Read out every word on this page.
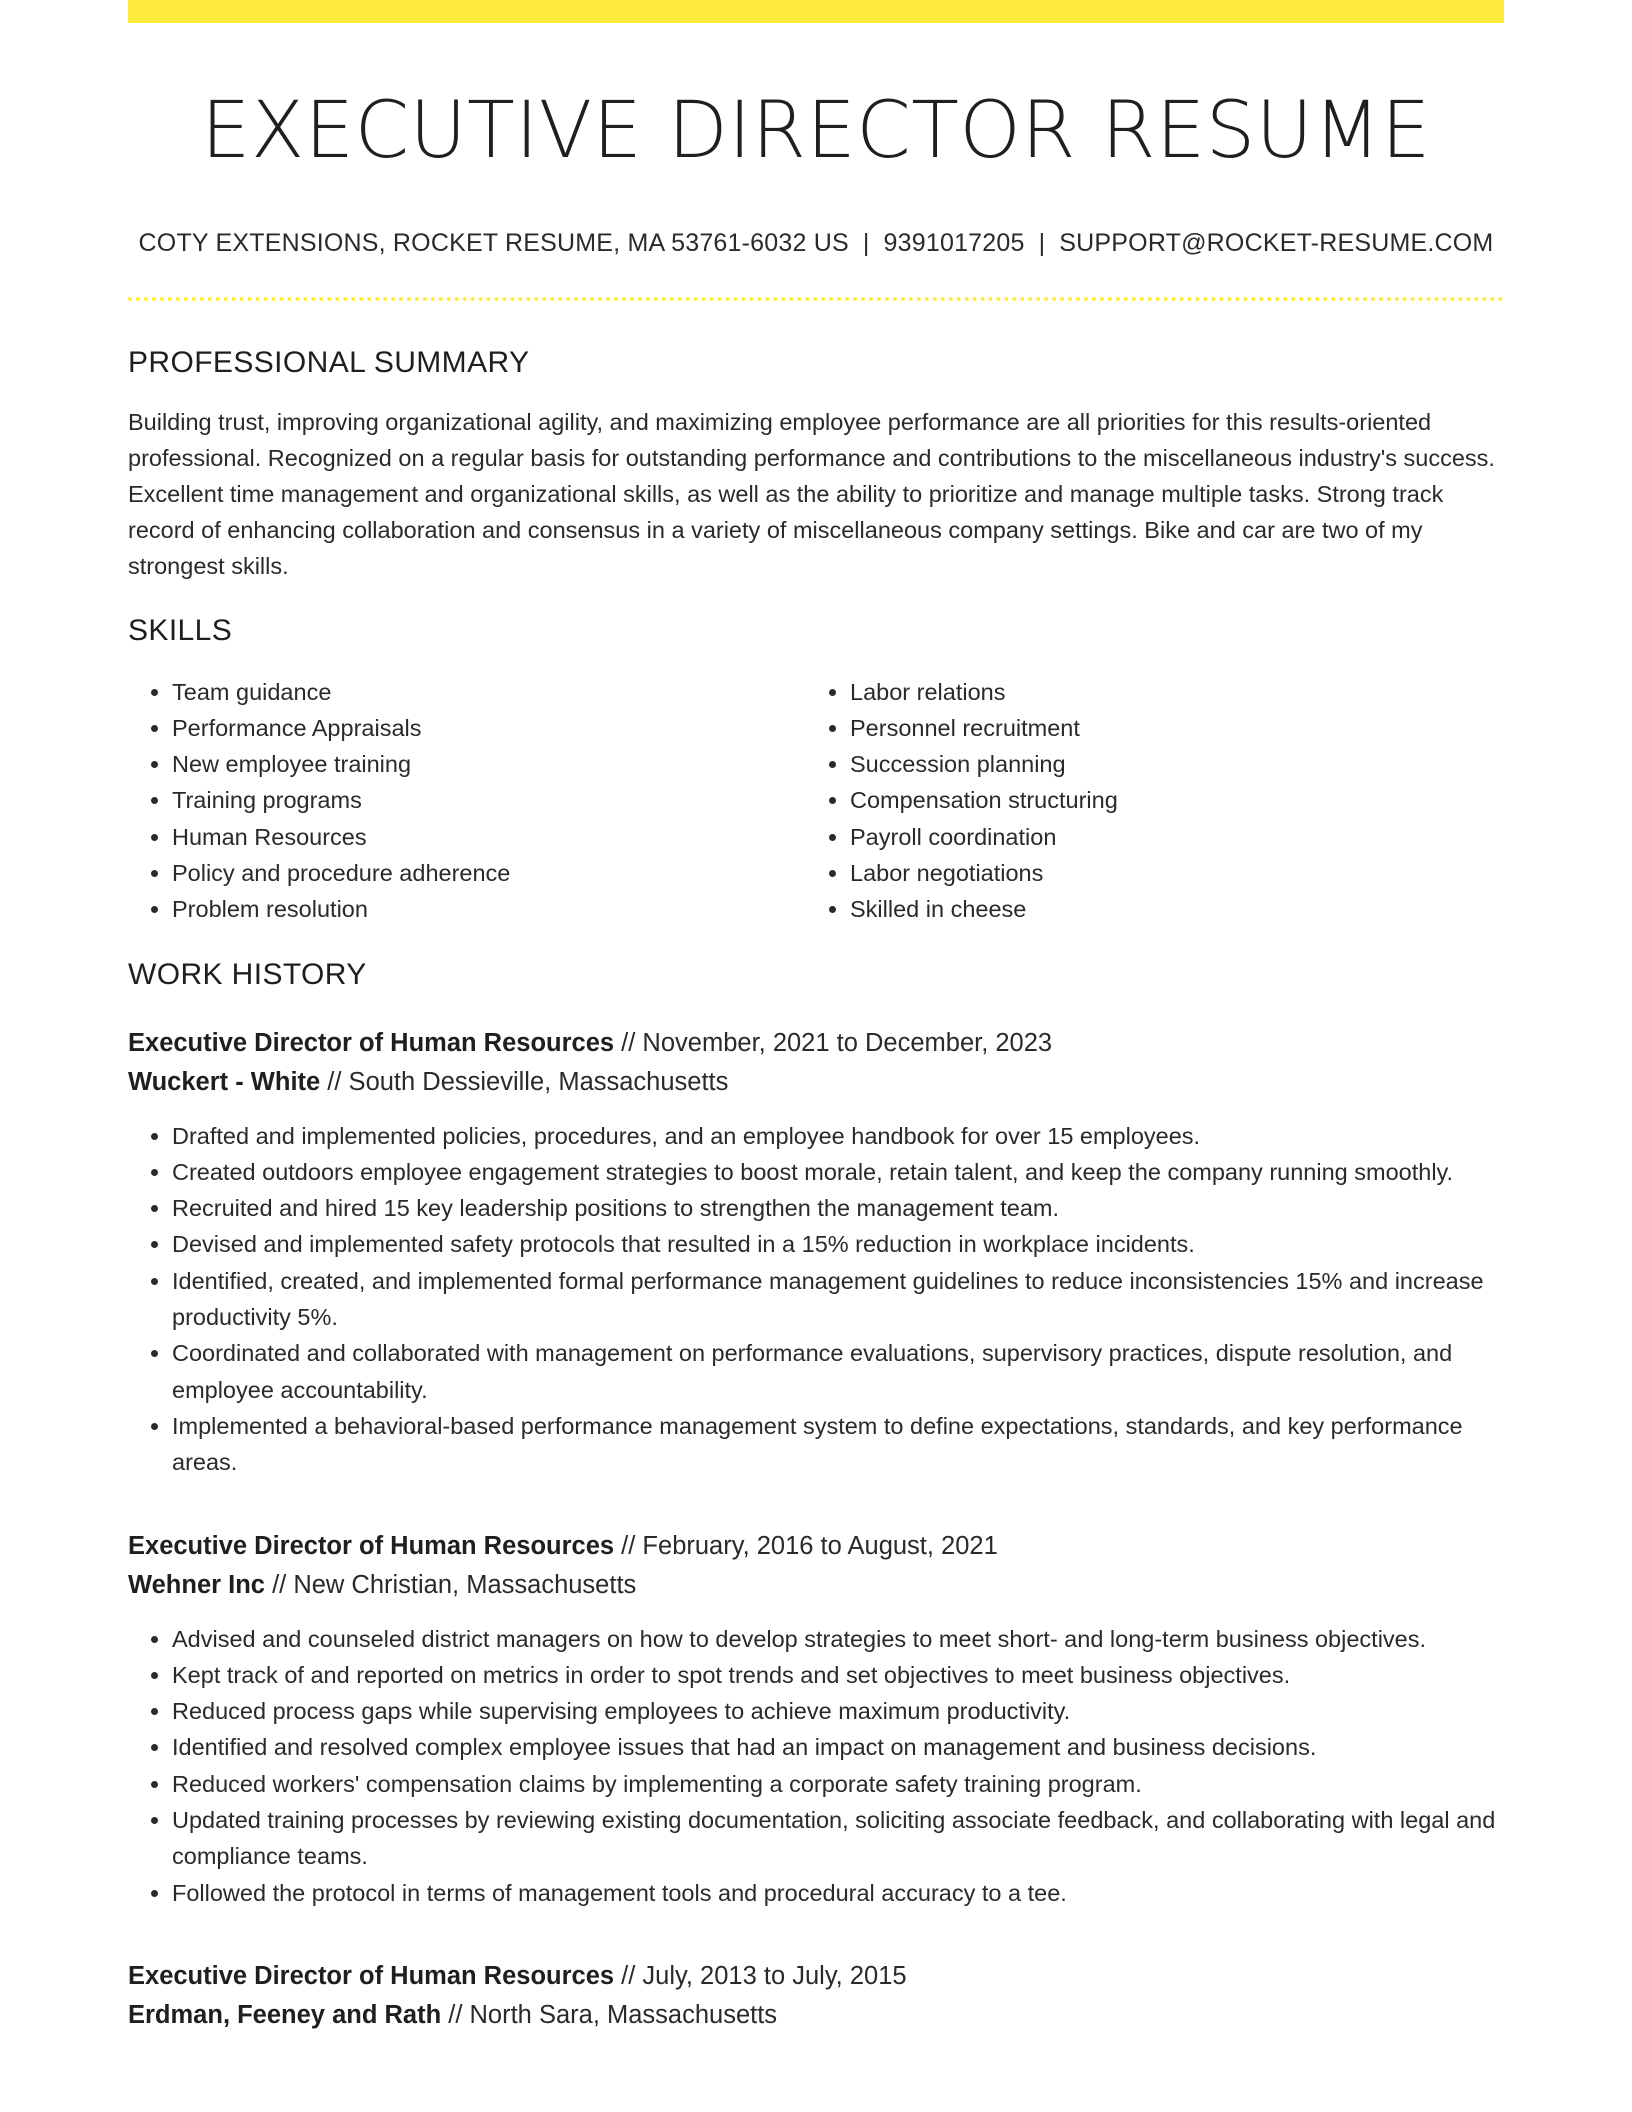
EXECUTIVE DIRECTOR RESUME
COTY EXTENSIONS, ROCKET RESUME, MA 53761-6032 US | 9391017205 | SUPPORT@ROCKET-RESUME.COM
PROFESSIONAL SUMMARY

Building trust, improving organizational agility, and maximizing employee performance are all priorities for this results-oriented professional. Recognized on a regular basis for outstanding performance and contributions to the miscellaneous industry's success. Excellent time management and organizational skills, as well as the ability to prioritize and manage multiple tasks. Strong track record of enhancing collaboration and consensus in a variety of miscellaneous company settings. Bike and car are two of my strongest skills.

SKILLS
• Team guidance
• Performance Appraisals
• New employee training
• Training programs
• Human Resources
• Policy and procedure adherence
• Problem resolution
• Labor relations
• Personnel recruitment
• Succession planning
• Compensation structuring
• Payroll coordination
• Labor negotiations
• Skilled in cheese
WORK HISTORY
Executive Director of Human Resources // November, 2021 to December, 2023
Wuckert - White // South Dessieville, Massachusetts
• Drafted and implemented policies, procedures, and an employee handbook for over 15 employees.
• Created outdoors employee engagement strategies to boost morale, retain talent, and keep the company running smoothly.
• Recruited and hired 15 key leadership positions to strengthen the management team.
• Devised and implemented safety protocols that resulted in a 15% reduction in workplace incidents.
• Identified, created, and implemented formal performance management guidelines to reduce inconsistencies 15% and increase productivity 5%.
• Coordinated and collaborated with management on performance evaluations, supervisory practices, dispute resolution, and employee accountability.
• Implemented a behavioral-based performance management system to define expectations, standards, and key performance areas.
Executive Director of Human Resources // February, 2016 to August, 2021
Wehner Inc // New Christian, Massachusetts
• Advised and counseled district managers on how to develop strategies to meet short- and long-term business objectives.
• Kept track of and reported on metrics in order to spot trends and set objectives to meet business objectives.
• Reduced process gaps while supervising employees to achieve maximum productivity.
• Identified and resolved complex employee issues that had an impact on management and business decisions.
• Reduced workers' compensation claims by implementing a corporate safety training program.
• Updated training processes by reviewing existing documentation, soliciting associate feedback, and collaborating with legal and compliance teams.
• Followed the protocol in terms of management tools and procedural accuracy to a tee.
Executive Director of Human Resources // July, 2013 to July, 2015
Erdman, Feeney and Rath // North Sara, Massachusetts
